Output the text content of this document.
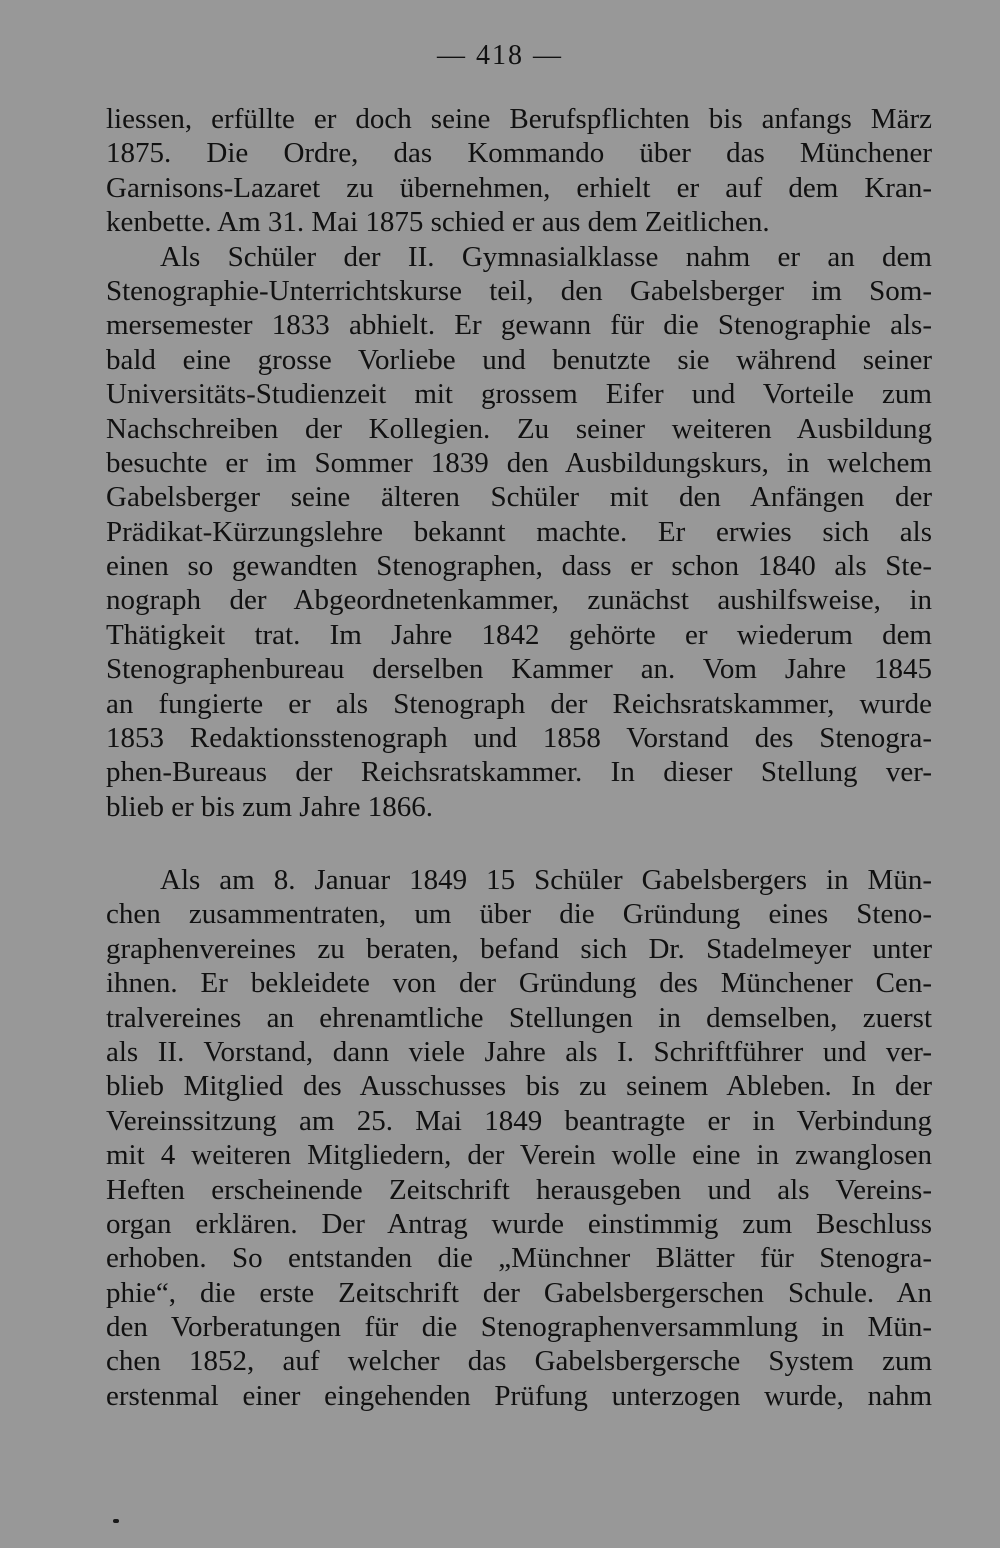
— 418 —
liessen, erfüllte er doch seine Berufspflichten bis anfangs März
1875. Die Ordre, das Kommando über das Münchener
Garnisons-Lazaret zu übernehmen, erhielt er auf dem Kran-
kenbette. Am 31. Mai 1875 schied er aus dem Zeitlichen.
Als Schüler der II. Gymnasialklasse nahm er an dem
Stenographie-Unterrichtskurse teil, den Gabelsberger im Som-
mersemester 1833 abhielt. Er gewann für die Stenographie als-
bald eine grosse Vorliebe und benutzte sie während seiner
Universitäts-Studienzeit mit grossem Eifer und Vorteile zum
Nachschreiben der Kollegien. Zu seiner weiteren Ausbildung
besuchte er im Sommer 1839 den Ausbildungskurs, in welchem
Gabelsberger seine älteren Schüler mit den Anfängen der
Prädikat-Kürzungslehre bekannt machte. Er erwies sich als
einen so gewandten Stenographen, dass er schon 1840 als Ste-
nograph der Abgeordnetenkammer, zunächst aushilfsweise, in
Thätigkeit trat. Im Jahre 1842 gehörte er wiederum dem
Stenographenbureau derselben Kammer an. Vom Jahre 1845
an fungierte er als Stenograph der Reichsratskammer, wurde
1853 Redaktionsstenograph und 1858 Vorstand des Stenogra-
phen-Bureaus der Reichsratskammer. In dieser Stellung ver-
blieb er bis zum Jahre 1866.
Als am 8. Januar 1849 15 Schüler Gabelsbergers in Mün-
chen zusammentraten, um über die Gründung eines Steno-
graphenvereines zu beraten, befand sich Dr. Stadelmeyer unter
ihnen. Er bekleidete von der Gründung des Münchener Cen-
tralvereines an ehrenamtliche Stellungen in demselben, zuerst
als II. Vorstand, dann viele Jahre als I. Schriftführer und ver-
blieb Mitglied des Ausschusses bis zu seinem Ableben. In der
Vereinssitzung am 25. Mai 1849 beantragte er in Verbindung
mit 4 weiteren Mitgliedern, der Verein wolle eine in zwanglosen
Heften erscheinende Zeitschrift herausgeben und als Vereins-
organ erklären. Der Antrag wurde einstimmig zum Beschluss
erhoben. So entstanden die „Münchner Blätter für Stenogra-
phie“, die erste Zeitschrift der Gabelsbergerschen Schule. An
den Vorberatungen für die Stenographenversammlung in Mün-
chen 1852, auf welcher das Gabelsbergersche System zum
erstenmal einer eingehenden Prüfung unterzogen wurde, nahm
